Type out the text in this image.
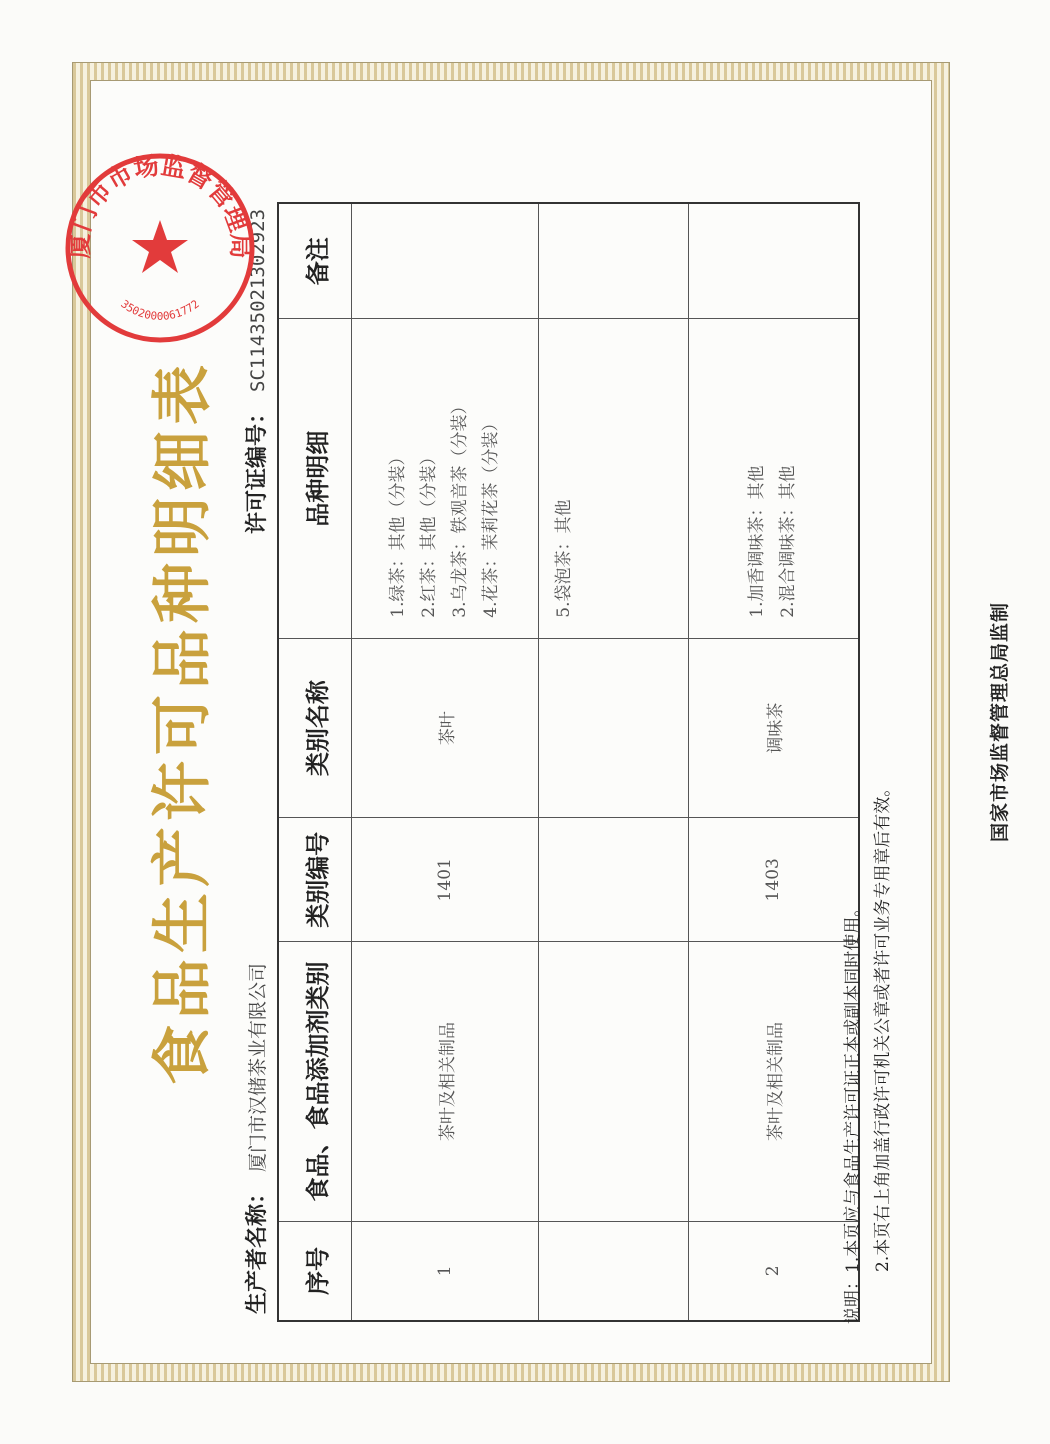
食品生产许可品种明细表
生产者名称：厦门市汉储茶业有限公司
许可证编号：SC11435021302923
序号	食品、食品添加剂类别	类别编号	类别名称	品种明细	备注
1	茶叶及相关制品	1401	茶叶	1.绿茶：其他（分装） 2.红茶：其他（分装） 3.乌龙茶：铁观音茶（分装） 4.花茶：茉莉花茶（分装）	

				5.袋泡茶：其他	

2	茶叶及相关制品	1403	调味茶	1.加香调味茶：其他 2.混合调味茶：其他	

说明：1.本页应与食品生产许可证正本或副本同时使用。 2.本页右上角加盖行政许可机关公章或者许可业务专用章后有效。
国家市场监督管理总局监制
厦门市市场监督管理局
3502000061772
